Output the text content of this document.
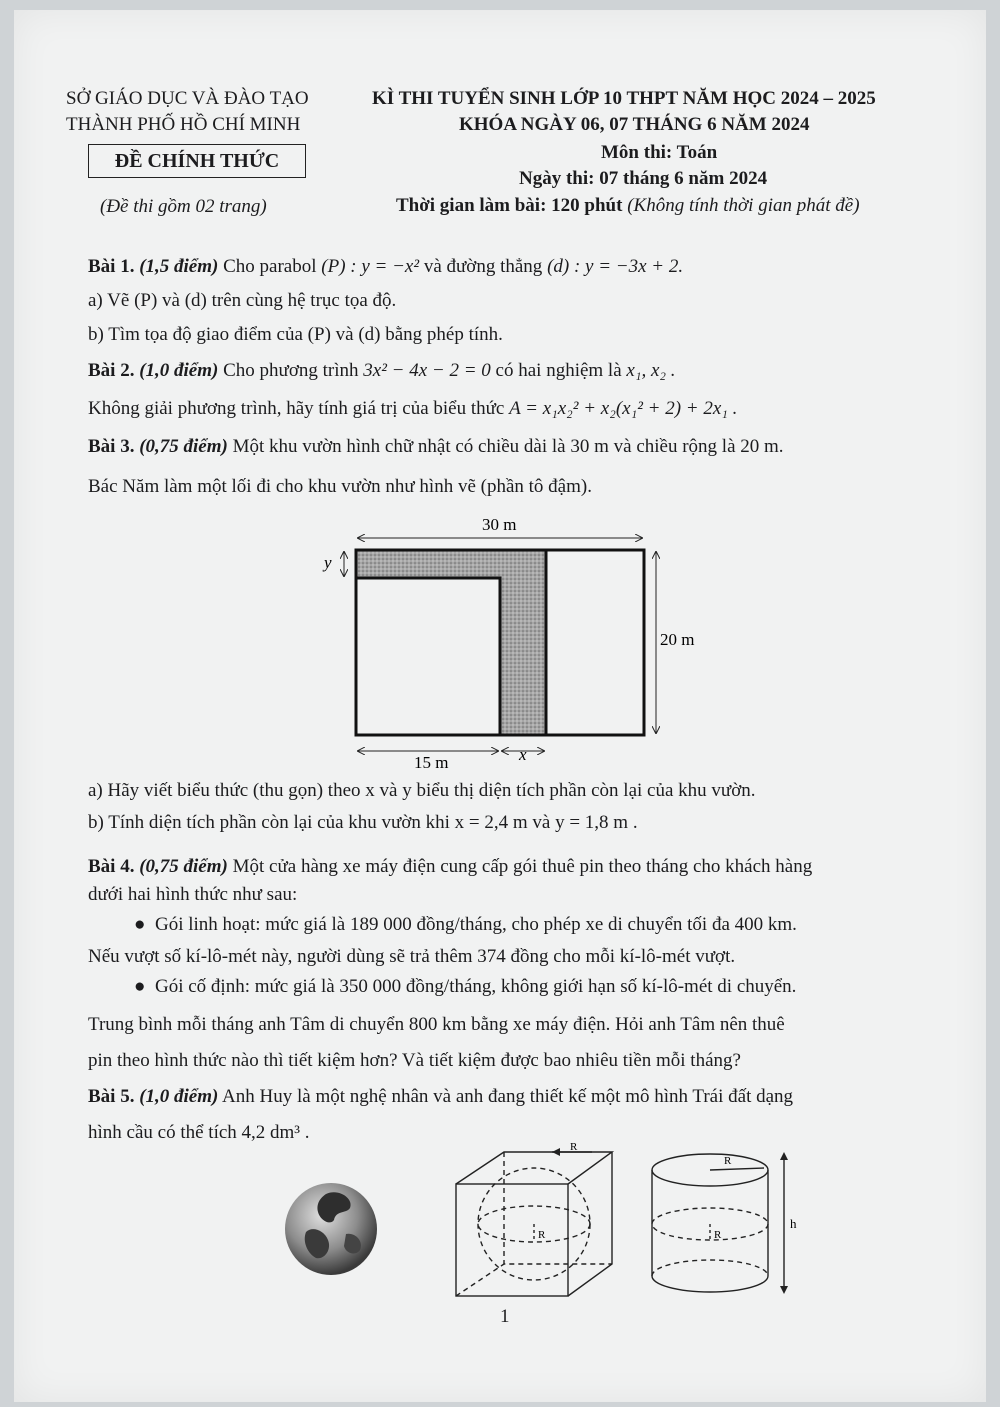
SỞ GIÁO DỤC VÀ ĐÀO TẠO
THÀNH PHỐ HỒ CHÍ MINH
ĐỀ CHÍNH THỨC
(Đề thi gồm 02 trang)
KÌ THI TUYỂN SINH LỚP 10 THPT NĂM HỌC 2024 – 2025
KHÓA NGÀY 06, 07 THÁNG 6 NĂM 2024
Môn thi: Toán
Ngày thi: 07 tháng 6 năm 2024
Thời gian làm bài: 120 phút (Không tính thời gian phát đề)
Bài 1. (1,5 điểm) Cho parabol (P) : y = −x² và đường thẳng (d) : y = −3x + 2.
a) Vẽ (P) và (d) trên cùng hệ trục tọa độ.
b) Tìm tọa độ giao điểm của (P) và (d) bằng phép tính.
Bài 2. (1,0 điểm) Cho phương trình 3x² − 4x − 2 = 0 có hai nghiệm là x₁, x₂ .
Không giải phương trình, hãy tính giá trị của biểu thức A = x₁x₂² + x₂(x₁² + 2) + 2x₁ .
Bài 3. (0,75 điểm) Một khu vườn hình chữ nhật có chiều dài là 30 m và chiều rộng là 20 m.
Bác Năm làm một lối đi cho khu vườn như hình vẽ (phần tô đậm).
30 m
20 m
y
15 m	x
a) Hãy viết biểu thức (thu gọn) theo x và y biểu thị diện tích phần còn lại của khu vườn.
b) Tính diện tích phần còn lại của khu vườn khi x = 2,4 m và y = 1,8 m .
Bài 4. (0,75 điểm) Một cửa hàng xe máy điện cung cấp gói thuê pin theo tháng cho khách hàng
dưới hai hình thức như sau:
●  Gói linh hoạt: mức giá là 189 000 đồng/tháng, cho phép xe di chuyển tối đa 400 km.
Nếu vượt số kí-lô-mét này, người dùng sẽ trả thêm 374 đồng cho mỗi kí-lô-mét vượt.
●  Gói cố định: mức giá là 350 000 đồng/tháng, không giới hạn số kí-lô-mét di chuyển.
Trung bình mỗi tháng anh Tâm di chuyển 800 km bằng xe máy điện. Hỏi anh Tâm nên thuê
pin theo hình thức nào thì tiết kiệm hơn? Và tiết kiệm được bao nhiêu tiền mỗi tháng?
Bài 5. (1,0 điểm) Anh Huy là một nghệ nhân và anh đang thiết kế một mô hình Trái đất dạng
hình cầu có thể tích 4,2 dm³ .
R
R
R
R
h
1
